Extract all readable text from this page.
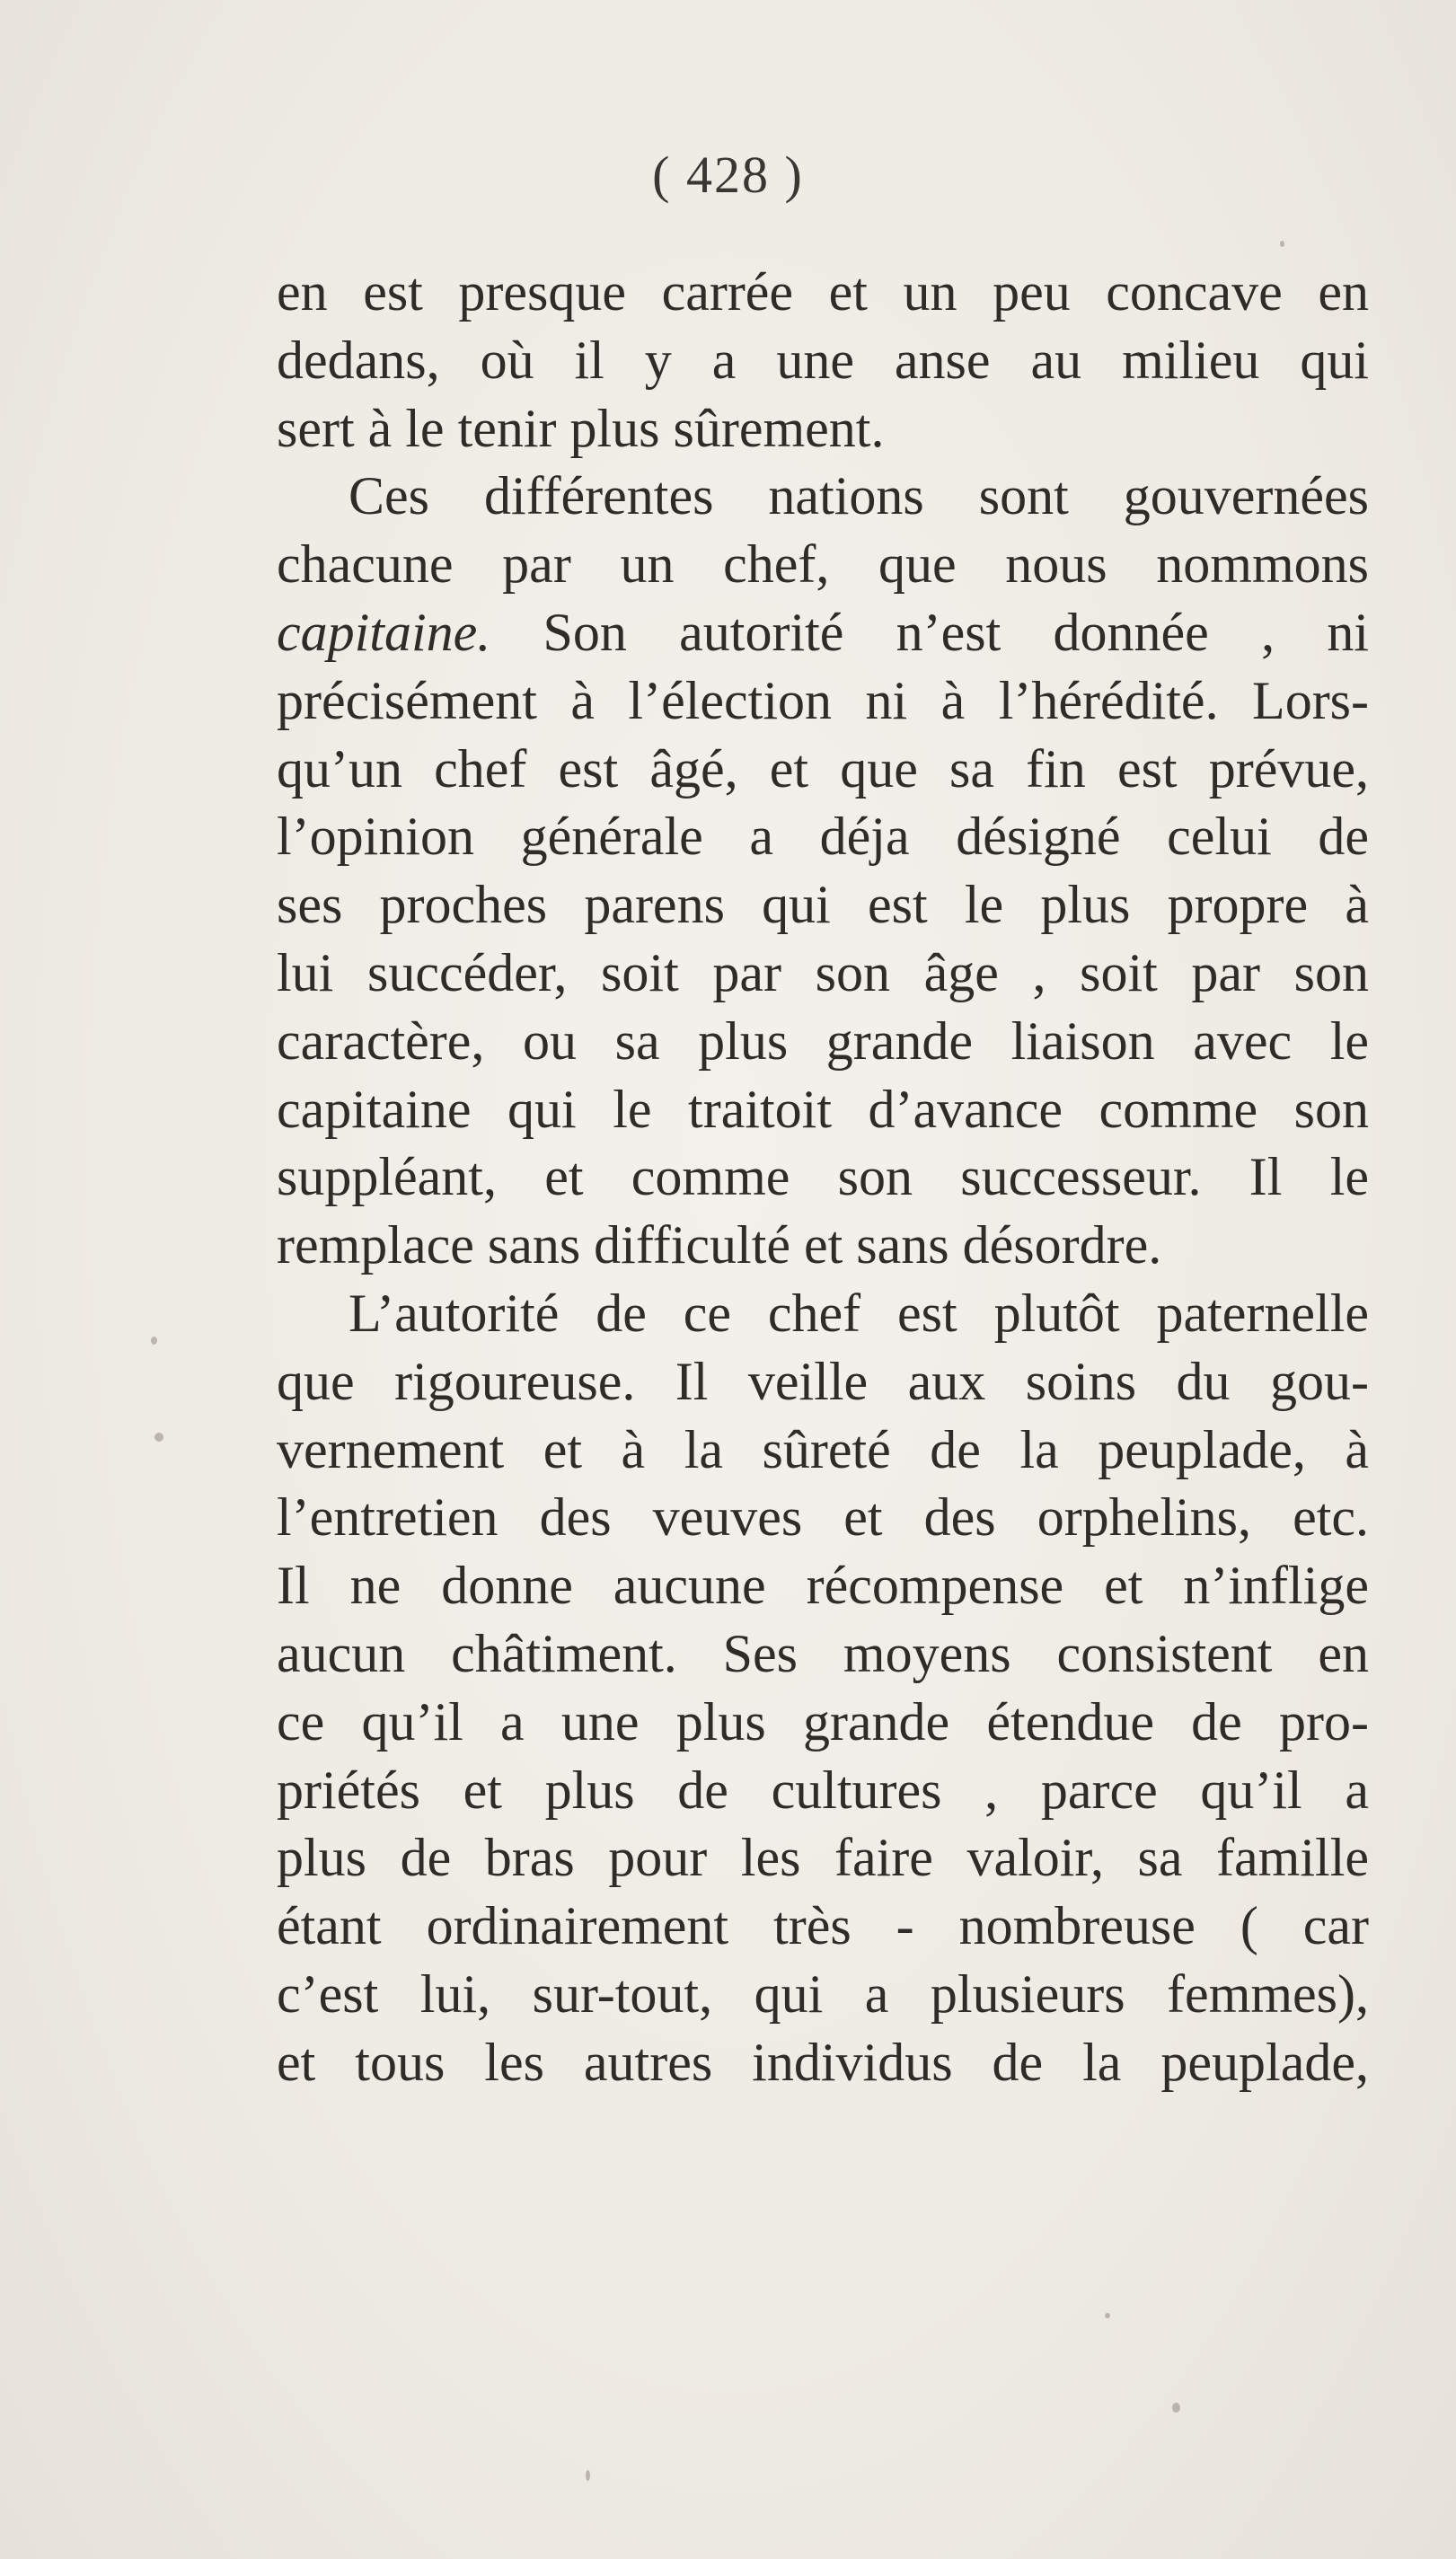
( 428 )
en est presque carrée et un peu concave en
dedans, où il y a une anse au milieu qui
sert à le tenir plus sûrement.
Ces différentes nations sont gouvernées
chacune par un chef, que nous nommons
capitaine. Son autorité n’est donnée , ni
précisément à l’élection ni à l’hérédité. Lors-
qu’un chef est âgé, et que sa fin est prévue,
l’opinion générale a déja désigné celui de
ses proches parens qui est le plus propre à
lui succéder, soit par son âge , soit par son
caractère, ou sa plus grande liaison avec le
capitaine qui le traitoit d’avance comme son
suppléant, et comme son successeur. Il le
remplace sans difficulté et sans désordre.
L’autorité de ce chef est plutôt paternelle
que rigoureuse. Il veille aux soins du gou-
vernement et à la sûreté de la peuplade, à
l’entretien des veuves et des orphelins, etc.
Il ne donne aucune récompense et n’inflige
aucun châtiment. Ses moyens consistent en
ce qu’il a une plus grande étendue de pro-
priétés et plus de cultures , parce qu’il a
plus de bras pour les faire valoir, sa famille
étant ordinairement très - nombreuse ( car
c’est lui, sur-tout, qui a plusieurs femmes),
et tous les autres individus de la peuplade,
